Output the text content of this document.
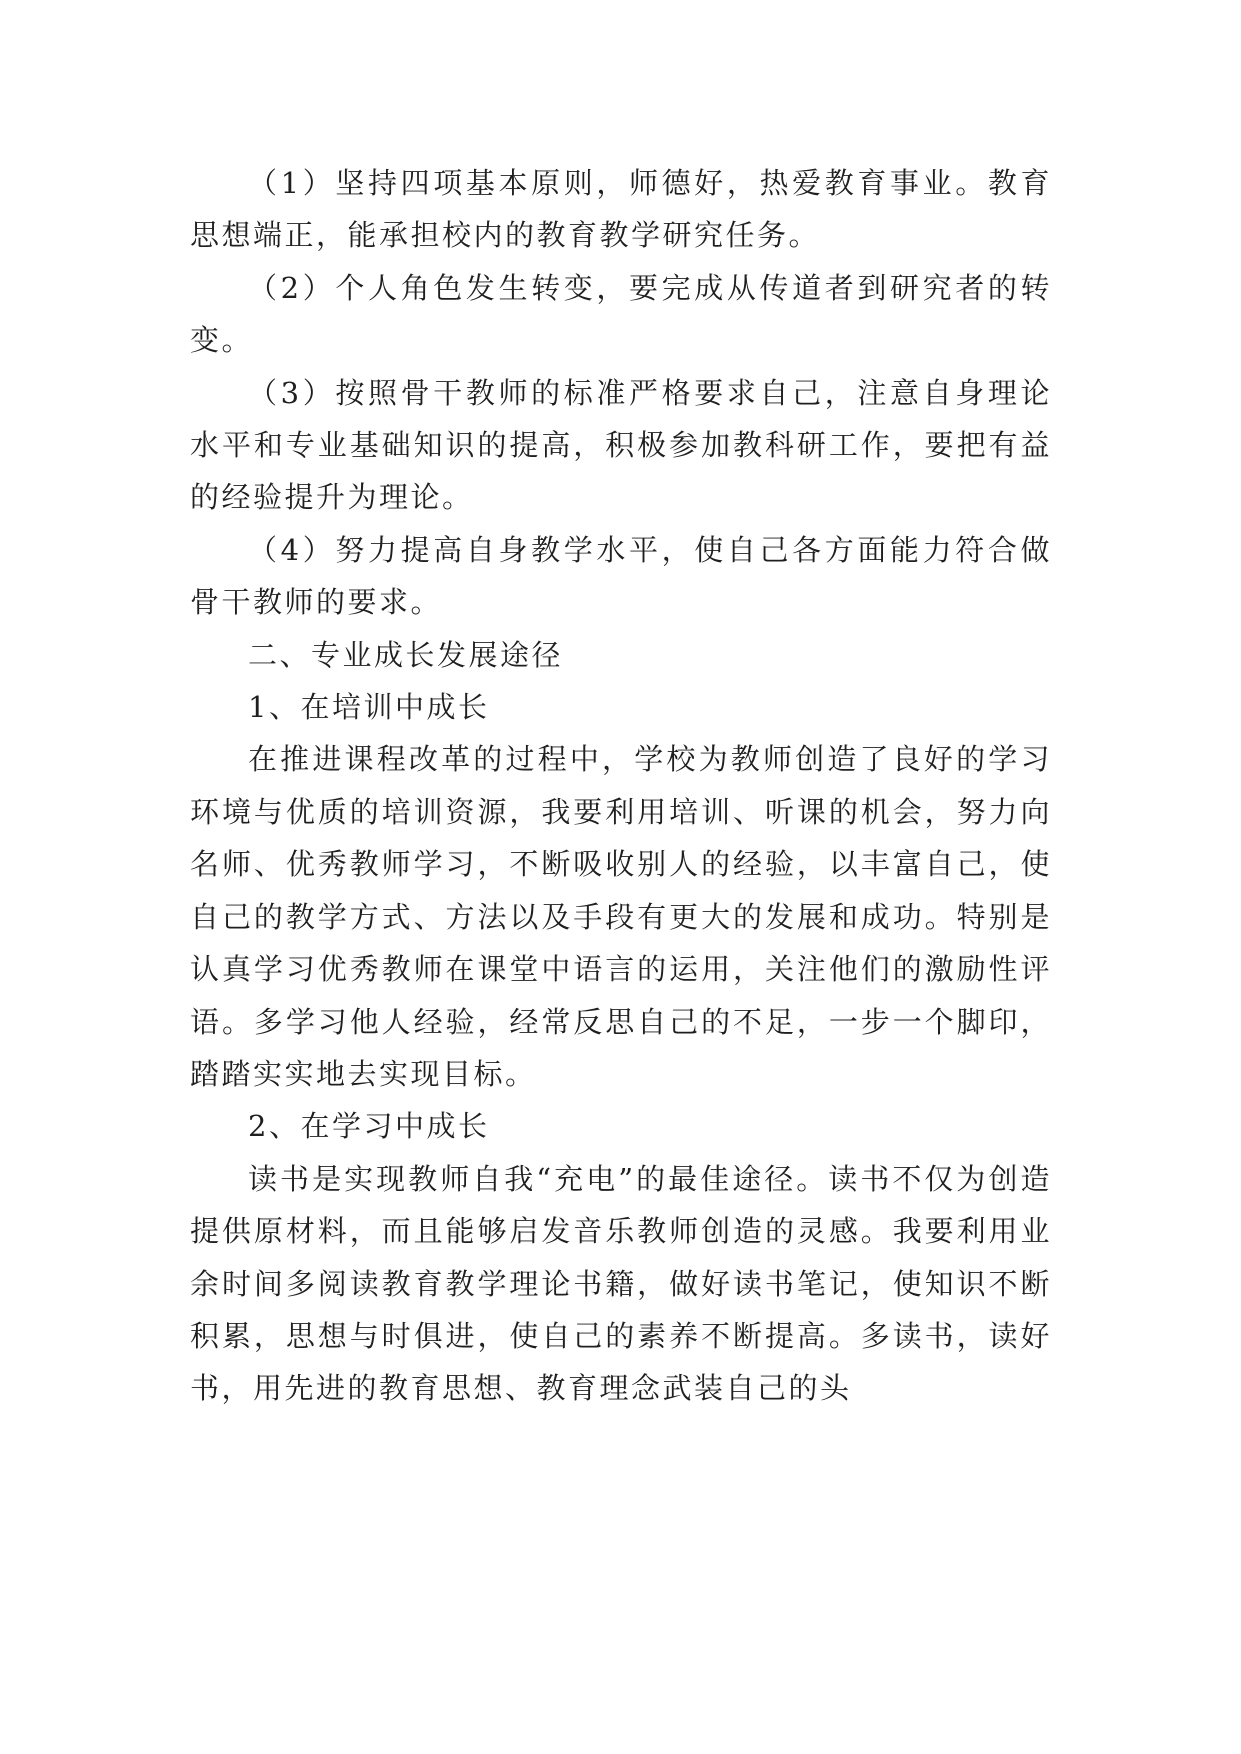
（1）坚持四项基本原则，师德好，热爱教育事业。教育思想端正，能承担校内的教育教学研究任务。

（2）个人角色发生转变，要完成从传道者到研究者的转变。

（3）按照骨干教师的标准严格要求自己，注意自身理论水平和专业基础知识的提高，积极参加教科研工作，要把有益的经验提升为理论。

（4）努力提高自身教学水平，使自己各方面能力符合做骨干教师的要求。

二、专业成长发展途径

1、在培训中成长

在推进课程改革的过程中，学校为教师创造了良好的学习环境与优质的培训资源，我要利用培训、听课的机会，努力向名师、优秀教师学习，不断吸收别人的经验，以丰富自己，使自己的教学方式、方法以及手段有更大的发展和成功。特别是认真学习优秀教师在课堂中语言的运用，关注他们的激励性评语。多学习他人经验，经常反思自己的不足，一步一个脚印，踏踏实实地去实现目标。

2、在学习中成长

读书是实现教师自我“充电”的最佳途径。读书不仅为创造提供原材料，而且能够启发音乐教师创造的灵感。我要利用业余时间多阅读教育教学理论书籍，做好读书笔记，使知识不断积累，思想与时俱进，使自己的素养不断提高。多读书，读好书，用先进的教育思想、教育理念武装自己的头
